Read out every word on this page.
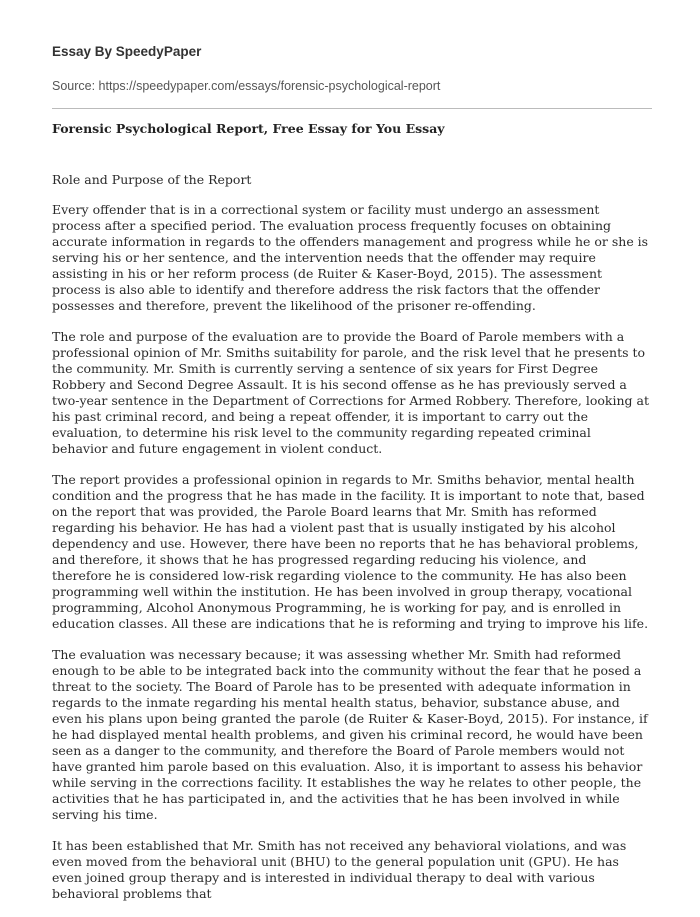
Essay By SpeedyPaper

Source: https://speedypaper.com/essays/forensic-psychological-report

Forensic Psychological Report, Free Essay for You Essay

Role and Purpose of the Report

Every offender that is in a correctional system or facility must undergo an assessment process after a specified period. The evaluation process frequently focuses on obtaining accurate information in regards to the offenders management and progress while he or she is serving his or her sentence, and the intervention needs that the offender may require assisting in his or her reform process (de Ruiter & Kaser-Boyd, 2015). The assessment process is also able to identify and therefore address the risk factors that the offender possesses and therefore, prevent the likelihood of the prisoner re-offending.

The role and purpose of the evaluation are to provide the Board of Parole members with a professional opinion of Mr. Smiths suitability for parole, and the risk level that he presents to the community. Mr. Smith is currently serving a sentence of six years for First Degree Robbery and Second Degree Assault. It is his second offense as he has previously served a two-year sentence in the Department of Corrections for Armed Robbery. Therefore, looking at his past criminal record, and being a repeat offender, it is important to carry out the evaluation, to determine his risk level to the community regarding repeated criminal behavior and future engagement in violent conduct.

The report provides a professional opinion in regards to Mr. Smiths behavior, mental health condition and the progress that he has made in the facility. It is important to note that, based on the report that was provided, the Parole Board learns that Mr. Smith has reformed regarding his behavior. He has had a violent past that is usually instigated by his alcohol dependency and use. However, there have been no reports that he has behavioral problems, and therefore, it shows that he has progressed regarding reducing his violence, and therefore he is considered low-risk regarding violence to the community. He has also been programming well within the institution. He has been involved in group therapy, vocational programming, Alcohol Anonymous Programming, he is working for pay, and is enrolled in education classes. All these are indications that he is reforming and trying to improve his life.

The evaluation was necessary because; it was assessing whether Mr. Smith had reformed enough to be able to be integrated back into the community without the fear that he posed a threat to the society. The Board of Parole has to be presented with adequate information in regards to the inmate regarding his mental health status, behavior, substance abuse, and even his plans upon being granted the parole (de Ruiter & Kaser-Boyd, 2015). For instance, if he had displayed mental health problems, and given his criminal record, he would have been seen as a danger to the community, and therefore the Board of Parole members would not have granted him parole based on this evaluation. Also, it is important to assess his behavior while serving in the corrections facility. It establishes the way he relates to other people, the activities that he has participated in, and the activities that he has been involved in while serving his time.

It has been established that Mr. Smith has not received any behavioral violations, and was even moved from the behavioral unit (BHU) to the general population unit (GPU). He has even joined group therapy and is interested in individual therapy to deal with various behavioral problems that
